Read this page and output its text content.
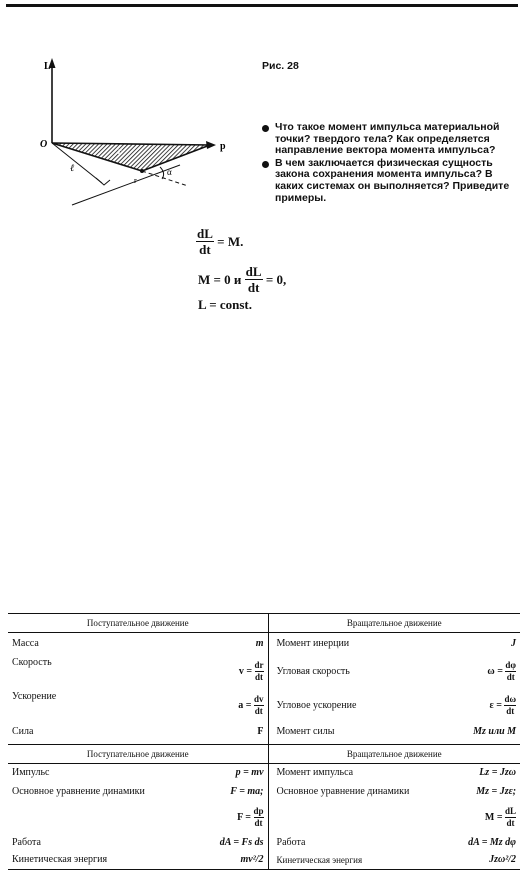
L
p
O
r
ℓ	α
r
Рис. 28
Что такое момент импульса материальной точки? твердого тела? Как определяется направление вектора момента импульса?
В чем заключается физическая сущность закона сохранения момента импульса? В каких системах он выполняется? Приведите примеры.
$\frac{dL}{dt} = M$.
M = 0 и $\frac{dL}{dt} = 0$,
L = const.
Поступательное движение		Вращательное движение	
Масса	m	Момент инерции	J
Скорость	$v = \frac{dr}{dt}$	Угловая скорость	$\omega = \frac{d\varphi}{dt}$

Ускорение	$a = \frac{dv}{dt}$	Угловое ускорение	$\varepsilon = \frac{d\omega}{dt}$

Сила	F	Момент силы	Mz или M

Поступательное движение		Вращательное движение	
Импульс	p = mv	Момент импульса	Lz = Jzω
Основное уравнение динамики	F = ma;	Основное уравнение динамики	Mz = Jzε;
	$F = \frac{dp}{dt}$		$M = \frac{dL}{dt}$

Работа	dA = Fs ds	Работа	dA = Mz dφ
Кинетическая энергия	mv²/2	Кинетическая энергия	Jzω²/2
